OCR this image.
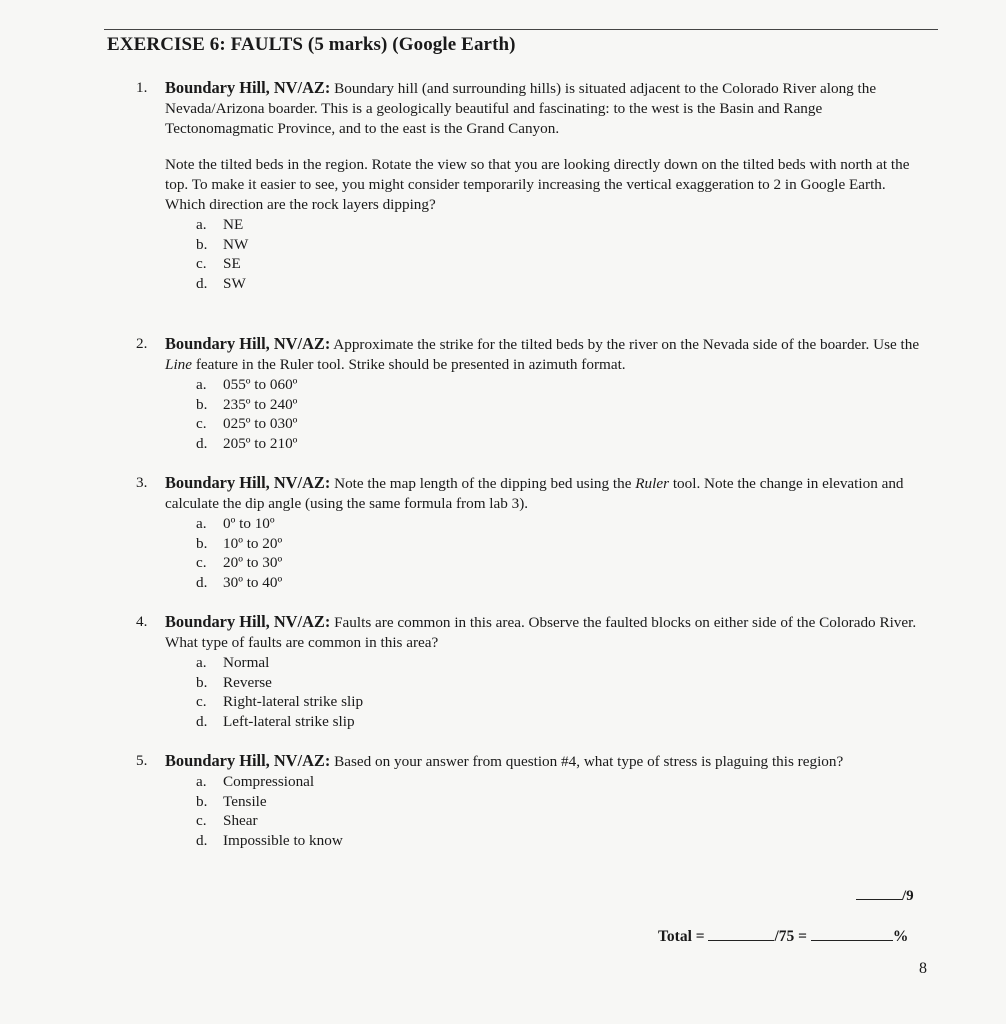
EXERCISE 6: FAULTS (5 marks) (Google Earth)
1. Boundary Hill, NV/AZ: Boundary hill (and surrounding hills) is situated adjacent to the Colorado River along the Nevada/Arizona boarder. This is a geologically beautiful and fascinating: to the west is the Basin and Range Tectonomagmatic Province, and to the east is the Grand Canyon.

Note the tilted beds in the region. Rotate the view so that you are looking directly down on the tilted beds with north at the top. To make it easier to see, you might consider temporarily increasing the vertical exaggeration to 2 in Google Earth.

Which direction are the rock layers dipping?

a. NE
b. NW
c. SE
d. SW
2. Boundary Hill, NV/AZ: Approximate the strike for the tilted beds by the river on the Nevada side of the boarder. Use the Line feature in the Ruler tool. Strike should be presented in azimuth format.

a. 055º to 060º
b. 235º to 240º
c. 025º to 030º
d. 205º to 210º
3. Boundary Hill, NV/AZ: Note the map length of the dipping bed using the Ruler tool. Note the change in elevation and calculate the dip angle (using the same formula from lab 3).

a. 0º to 10º
b. 10º to 20º
c. 20º to 30º
d. 30º to 40º
4. Boundary Hill, NV/AZ: Faults are common in this area. Observe the faulted blocks on either side of the Colorado River. What type of faults are common in this area?

a. Normal
b. Reverse
c. Right-lateral strike slip
d. Left-lateral strike slip
5. Boundary Hill, NV/AZ: Based on your answer from question #4, what type of stress is plaguing this region?

a. Compressional
b. Tensile
c. Shear
d. Impossible to know
/9
Total =	/75 =	%
8
